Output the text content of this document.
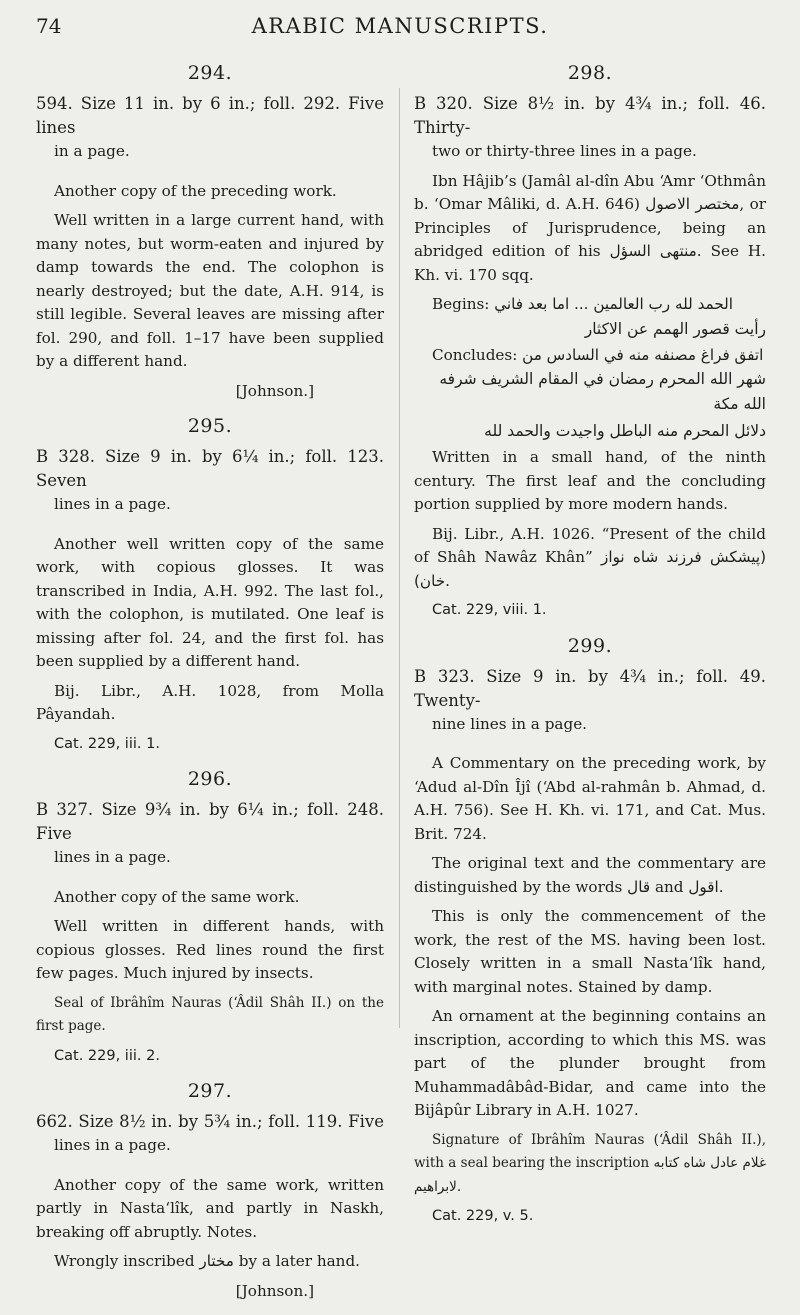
74	ARABIC MANUSCRIPTS.
294.

594. Size 11 in. by 6 in.; foll. 292. Five lines

in a page.

Another copy of the preceding work.

Well written in a large current hand, with many notes, but worm-eaten and injured by damp towards the end. The colophon is nearly destroyed; but the date, A.H. 914, is still legible. Several leaves are missing after fol. 290, and foll. 1–17 have been supplied by a different hand.

[Johnson.]

295.

B 328. Size 9 in. by 6¼ in.; foll. 123. Seven

lines in a page.

Another well written copy of the same work, with copious glosses. It was transcribed in India, A.H. 992. The last fol., with the colophon, is mutilated. One leaf is missing after fol. 24, and the first fol. has been supplied by a different hand.

Bij. Libr., A.H. 1028, from Molla Pâyandah.

Cat. 229, iii. 1.

296.

B 327. Size 9¾ in. by 6¼ in.; foll. 248. Five

lines in a page.

Another copy of the same work.

Well written in different hands, with copious glosses. Red lines round the first few pages. Much injured by insects.

Seal of Ibrâhîm Nauras (‘Âdil Shâh II.) on the first page.

Cat. 229, iii. 2.

297.

662. Size 8½ in. by 5¾ in.; foll. 119. Five

lines in a page.

Another copy of the same work, written partly in Nasta‘lîk, and partly in Naskh, breaking off abruptly. Notes.

Wrongly inscribed مختار by a later hand.

[Johnson.]

298.

B 320. Size 8½ in. by 4¾ in.; foll. 46. Thirty-

two or thirty-three lines in a page.

Ibn Hâjib’s (Jamâl al-dîn Abu ‘Amr ‘Othmân b. ‘Omar Mâliki, d. A.H. 646) مختصر الاصول, or Principles of Jurisprudence, being an abridged edition of his منتهى السؤل. See H. Kh. vi. 170 sqq.

Begins: الحمد لله رب العالمين ... اما بعد فاني

رأيت قصور الهمم عن الاكثار

Concludes: اتفق فراغ مصنفه منه في السادس من

شهر الله المحرم رمضان في المقام الشريف شرفه الله مكة

دلائل المحرم منه الباطل واجيدت والحمد لله

Written in a small hand, of the ninth century. The first leaf and the concluding portion supplied by more modern hands.

Bij. Libr., A.H. 1026. “Present of the child of Shâh Nawâz Khân” (پیشکش فرزند شاه نواز خان).

Cat. 229, viii. 1.

299.

B 323. Size 9 in. by 4¾ in.; foll. 49. Twenty-

nine lines in a page.

A Commentary on the preceding work, by ‘Adud al-Dîn Îjî (‘Abd al-rahmân b. Ahmad, d. A.H. 756). See H. Kh. vi. 171, and Cat. Mus. Brit. 724.

The original text and the commentary are distinguished by the words قال and اقول.

This is only the commencement of the work, the rest of the MS. having been lost. Closely written in a small Nasta‘lîk hand, with marginal notes. Stained by damp.

An ornament at the beginning contains an inscription, according to which this MS. was part of the plunder brought from Muhammadâbâd-Bidar, and came into the Bijâpûr Library in A.H. 1027.

Signature of Ibrâhîm Nauras (‘Âdil Shâh II.), with a seal bearing the inscription غلام عادل شاه كتابه لابراهيم.

Cat. 229, v. 5.
